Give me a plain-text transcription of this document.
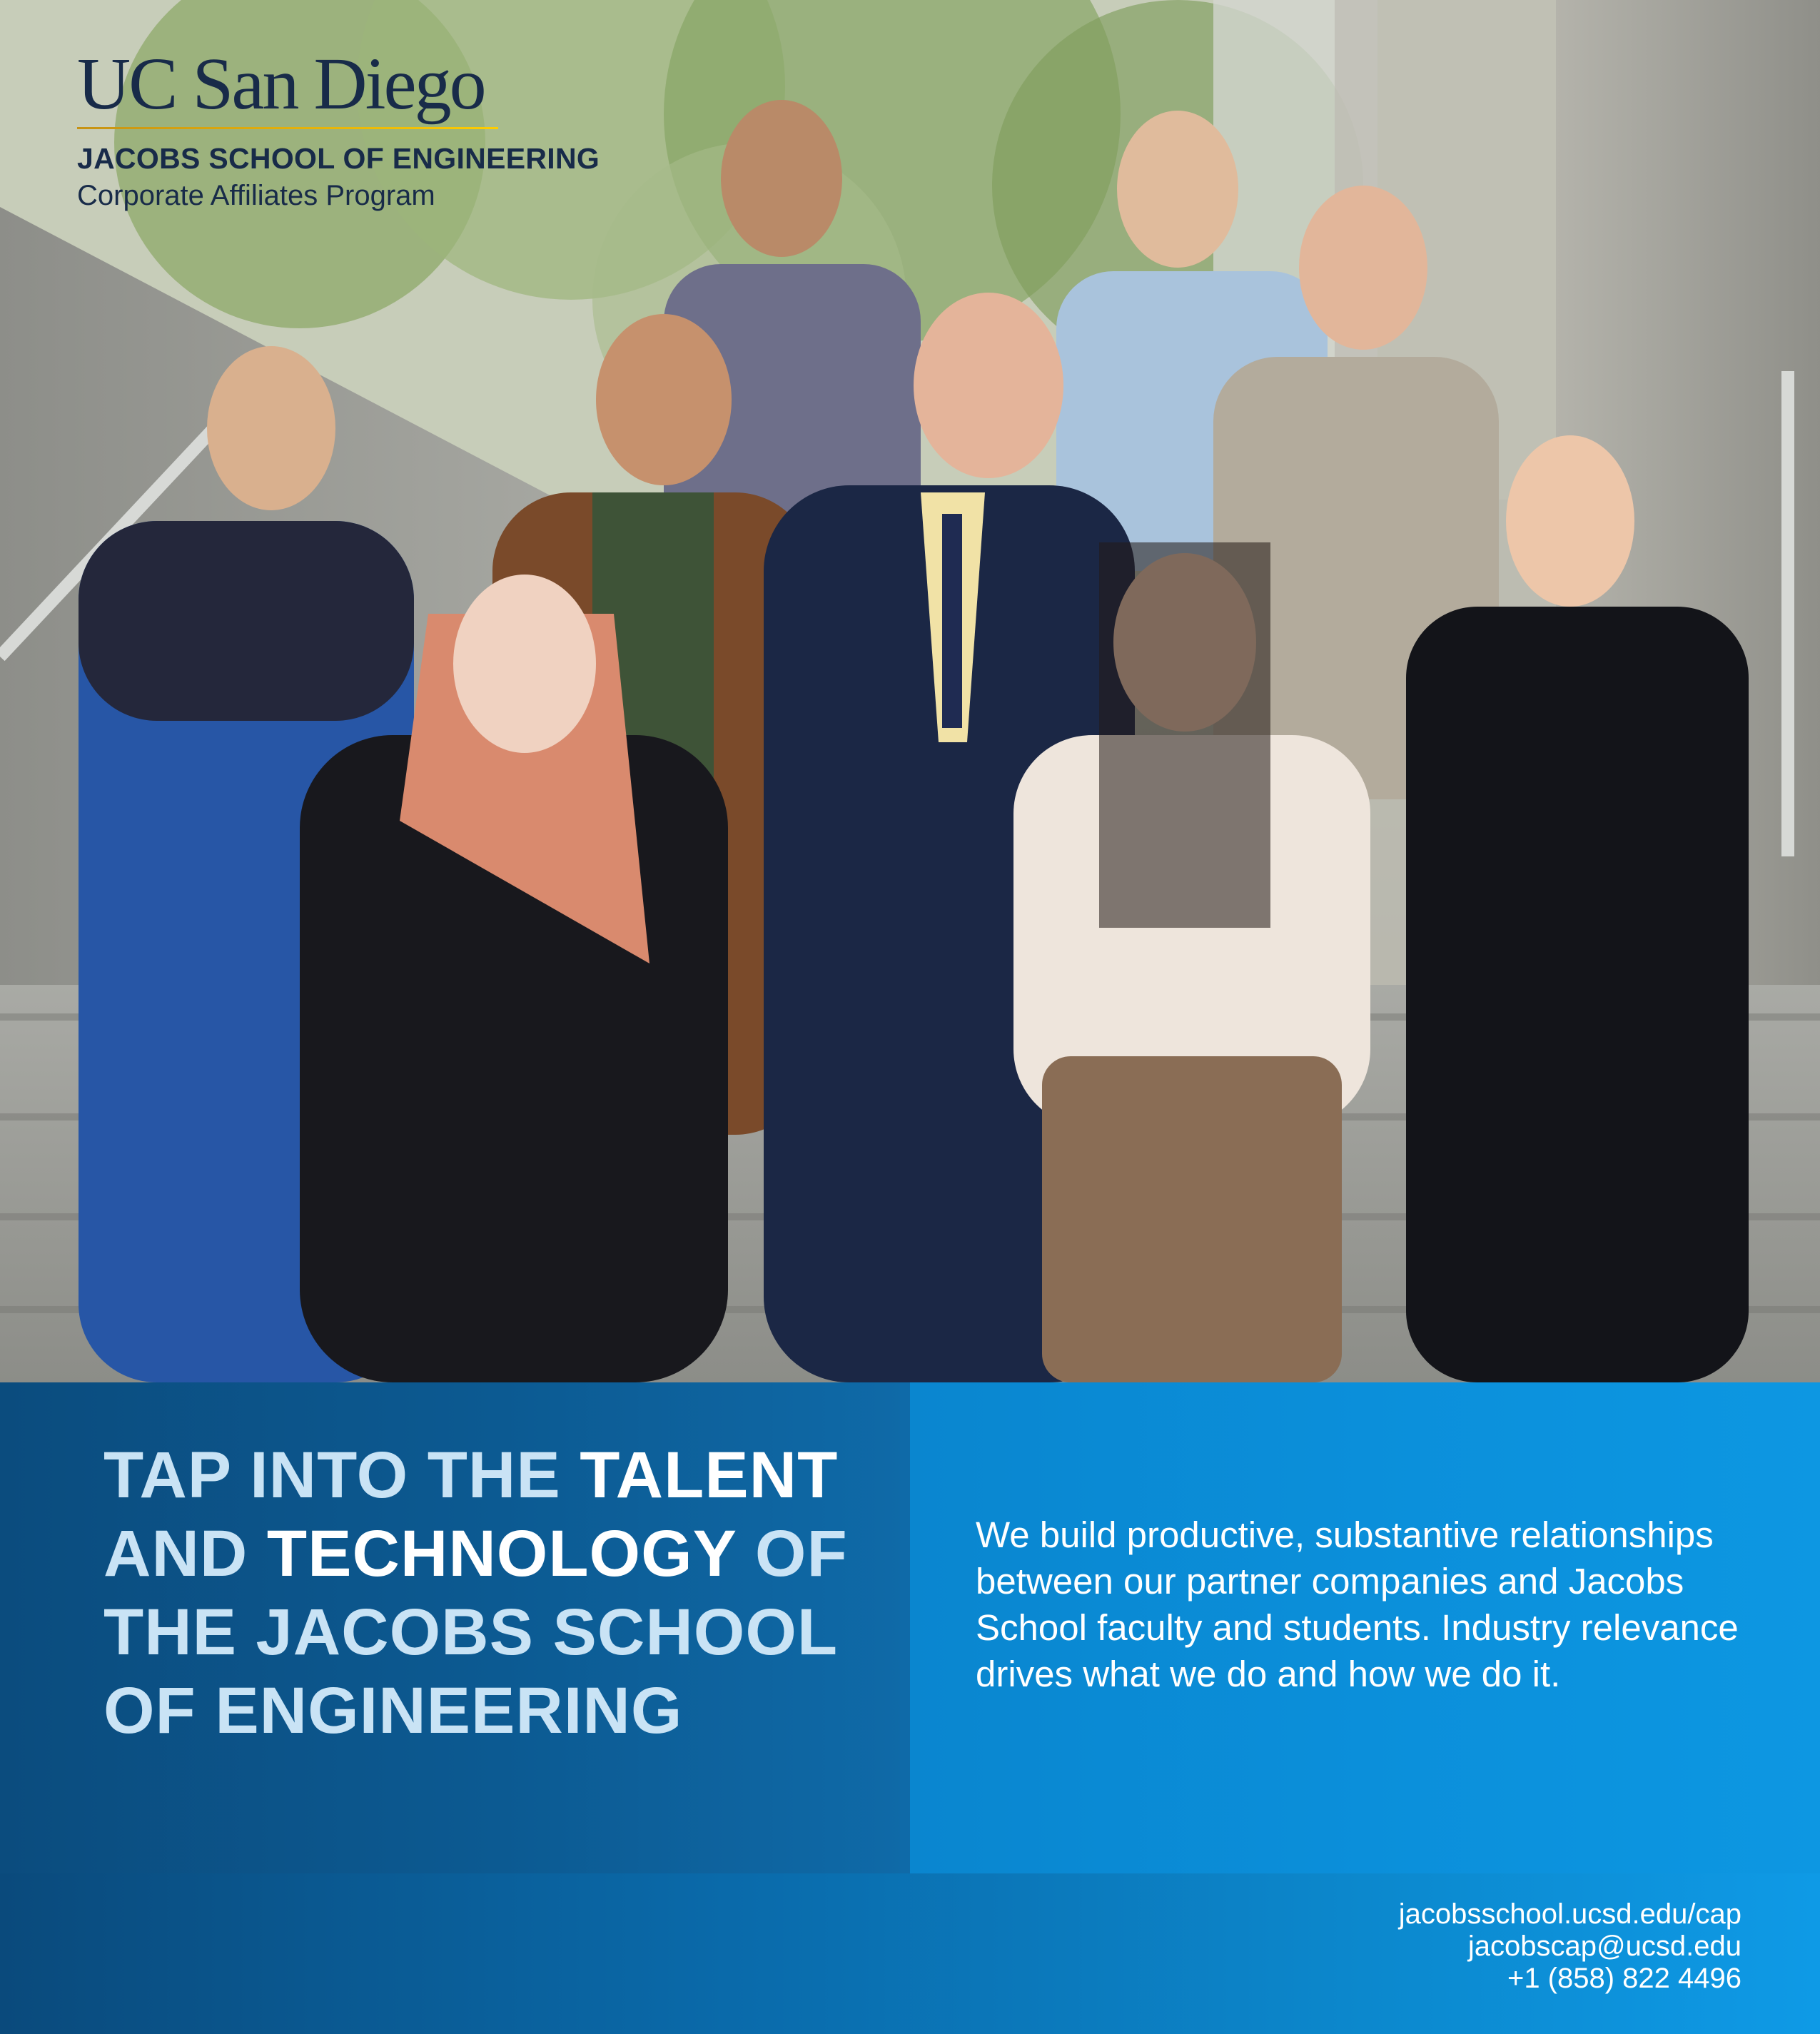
UC San Diego
JACOBS SCHOOL OF ENGINEERING
Corporate Affiliates Program
TAP INTO THE TALENT AND TECHNOLOGY OF THE JACOBS SCHOOL OF ENGINEERING
We build productive, substantive relationships between our partner companies and Jacobs School faculty and students. Industry relevance drives what we do and how we do it.
jacobsschool.ucsd.edu/cap
jacobscap@ucsd.edu
+1 (858) 822 4496
